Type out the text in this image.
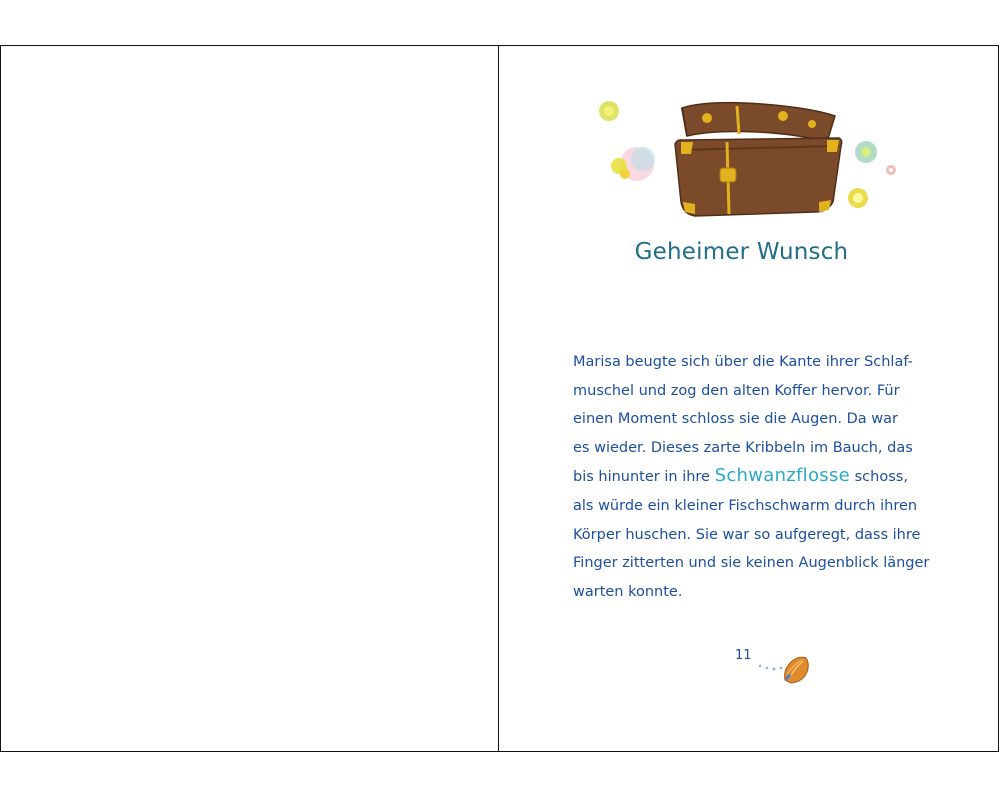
Geheimer Wunsch
Marisa beugte sich über die Kante ihrer Schlaf-
muschel und zog den alten Koffer hervor. Für
einen Moment schloss sie die Augen. Da war
es wieder. Dieses zarte Kribbeln im Bauch, das
bis hinunter in ihre Schwanzflosse schoss,
als würde ein kleiner Fischschwarm durch ihren
Körper huschen. Sie war so aufgeregt, dass ihre
Finger zitterten und sie keinen Augenblick länger
warten konnte.
11
